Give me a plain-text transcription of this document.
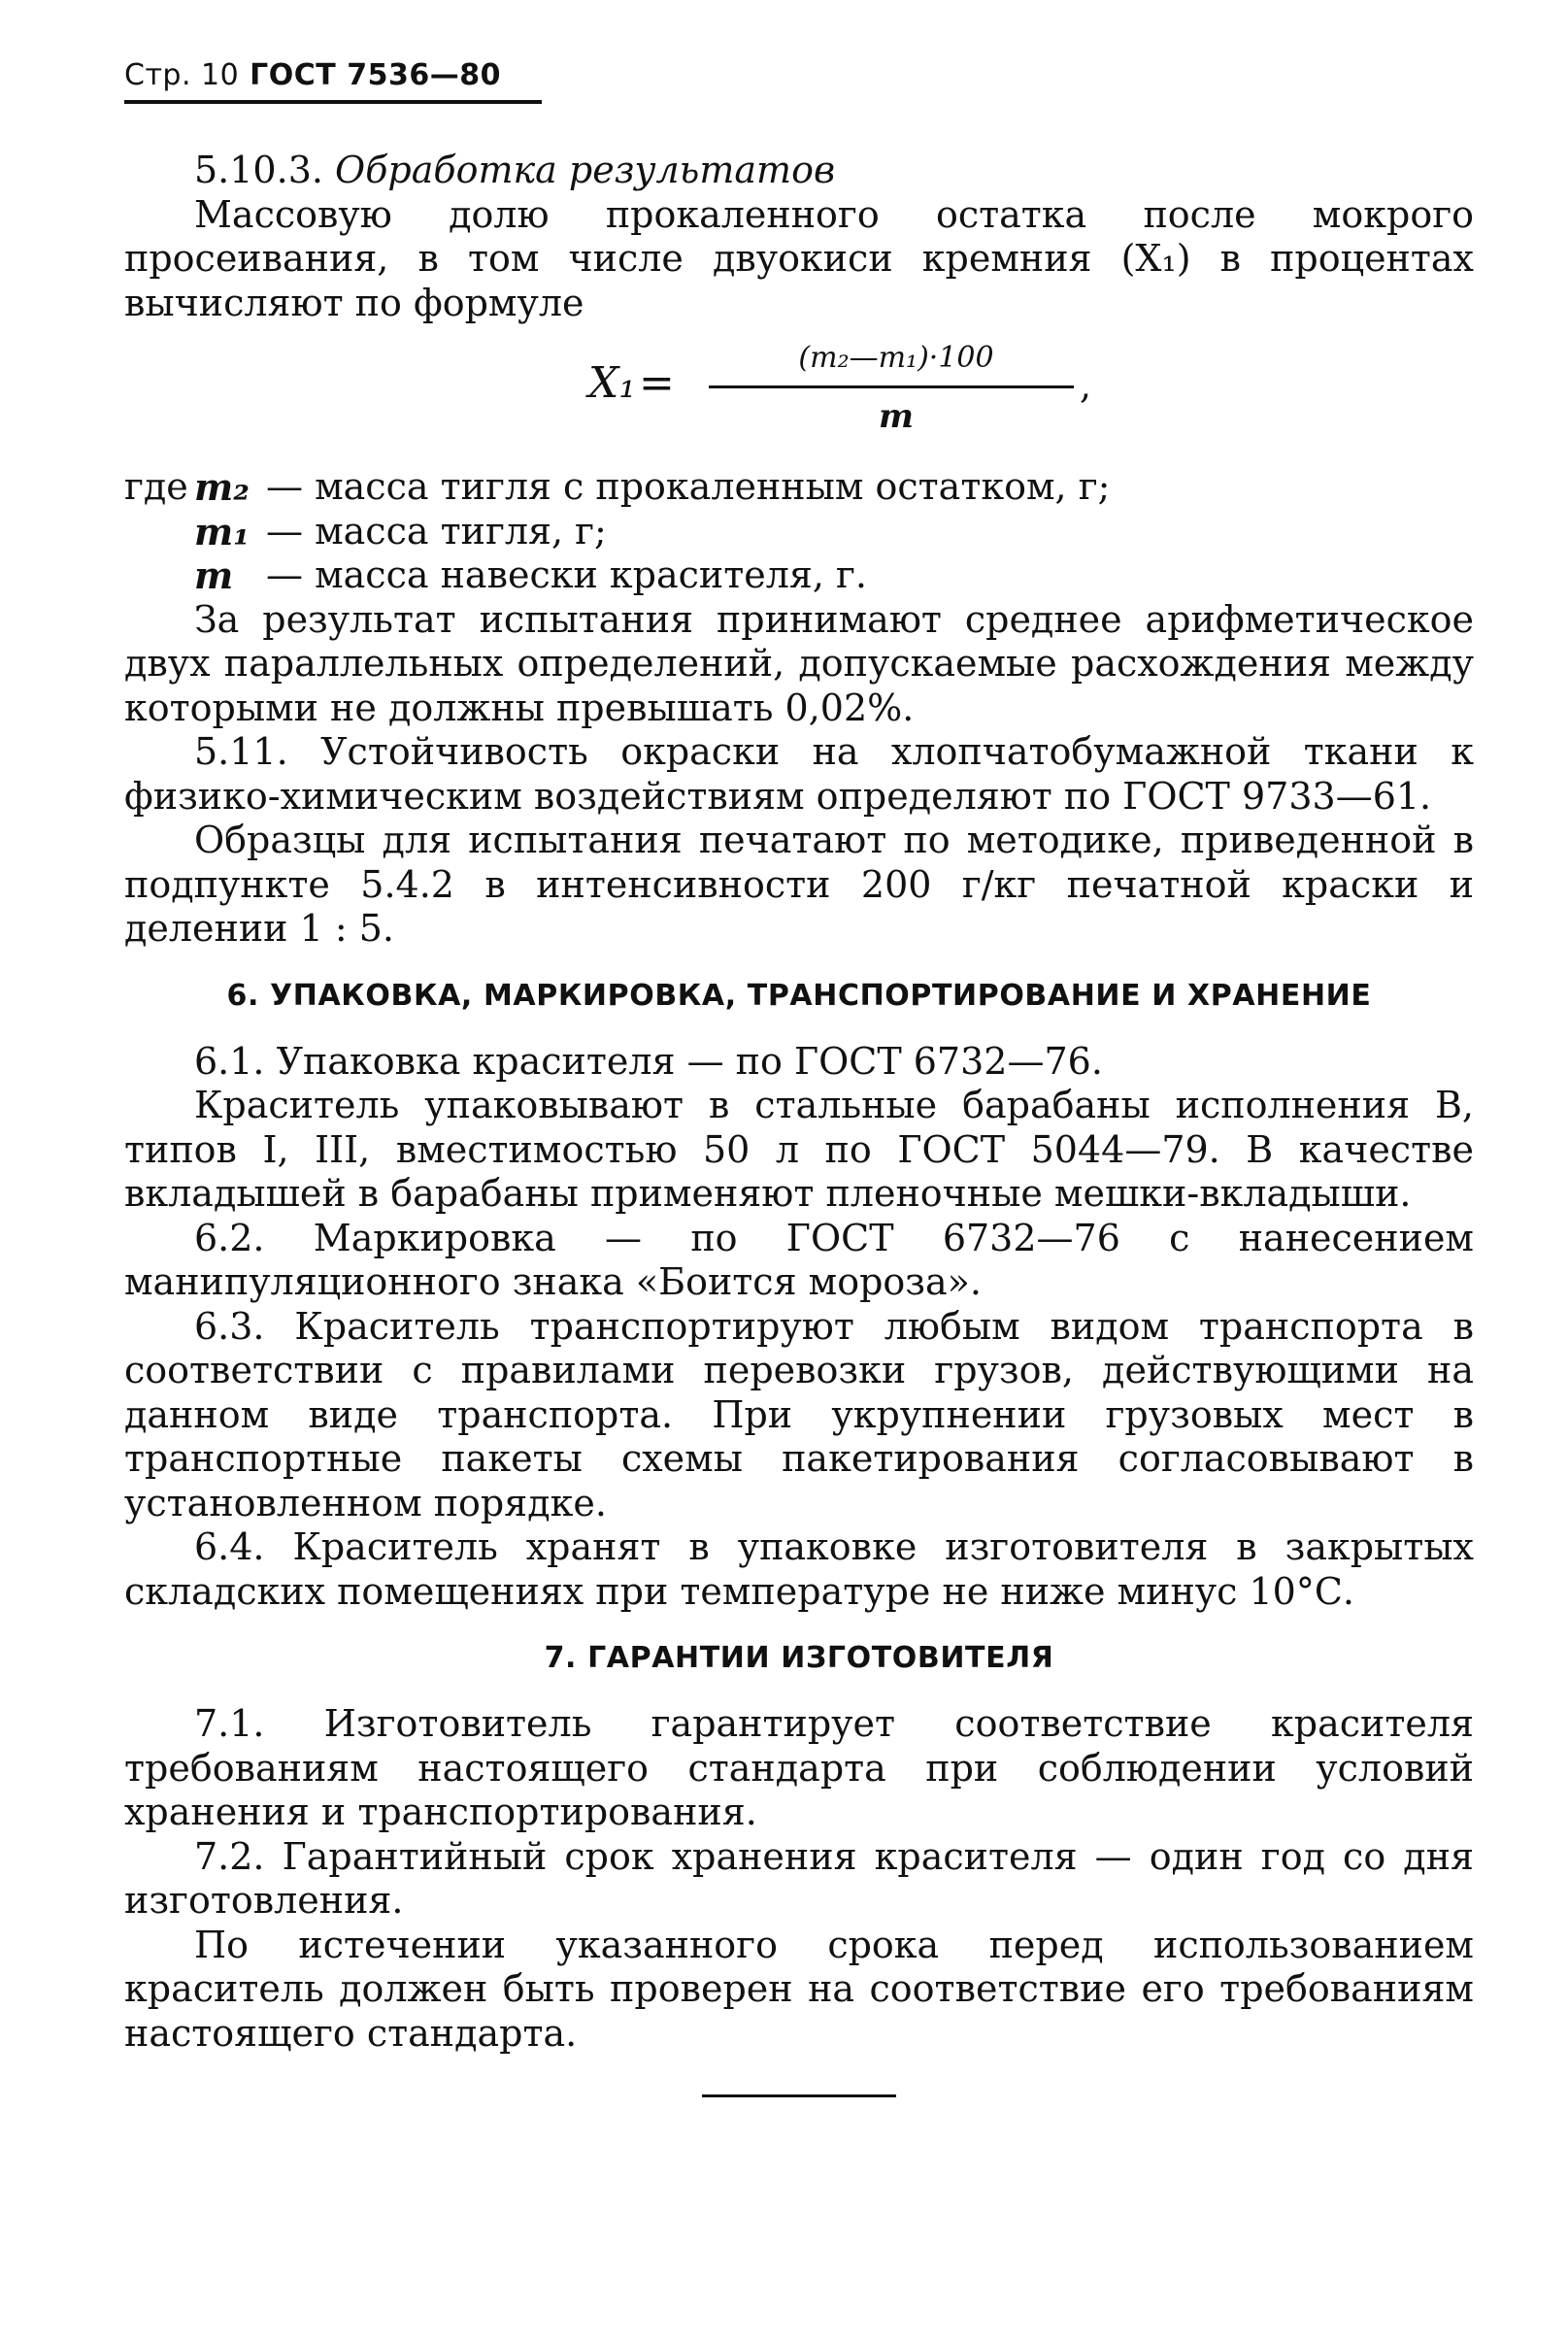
Стр. 10 ГОСТ 7536—80

5.10.3. Обработка результатов

Массовую долю прокаленного остатка после мокрого просеивания, в том числе двуокиси кремния (X₁) в процентах вычисляют по формуле

X₁ =
(m₂—m₁)·100
m
,
где m₂ — масса тигля с прокаленным остатком, г;
m₁ — масса тигля, г;
m — масса навески красителя, г.

За результат испытания принимают среднее арифметическое двух параллельных определений, допускаемые расхождения между которыми не должны превышать 0,02%.

5.11. Устойчивость окраски на хлопчатобумажной ткани к физико-химическим воздействиям определяют по ГОСТ 9733—61.

Образцы для испытания печатают по методике, приведенной в подпункте 5.4.2 в интенсивности 200 г/кг печатной краски и делении 1 : 5.

6. УПАКОВКА, МАРКИРОВКА, ТРАНСПОРТИРОВАНИЕ И ХРАНЕНИЕ

6.1. Упаковка красителя — по ГОСТ 6732—76.

Краситель упаковывают в стальные барабаны исполнения В, типов I, III, вместимостью 50 л по ГОСТ 5044—79. В качестве вкладышей в барабаны применяют пленочные мешки-вкладыши.

6.2. Маркировка — по ГОСТ 6732—76 с нанесением манипуляционного знака «Боится мороза».

6.3. Краситель транспортируют любым видом транспорта в соответствии с правилами перевозки грузов, действующими на данном виде транспорта. При укрупнении грузовых мест в транспортные пакеты схемы пакетирования согласовывают в установленном порядке.

6.4. Краситель хранят в упаковке изготовителя в закрытых складских помещениях при температуре не ниже минус 10°С.

7. ГАРАНТИИ ИЗГОТОВИТЕЛЯ

7.1. Изготовитель гарантирует соответствие красителя требованиям настоящего стандарта при соблюдении условий хранения и транспортирования.

7.2. Гарантийный срок хранения красителя — один год со дня изготовления.

По истечении указанного срока перед использованием краситель должен быть проверен на соответствие его требованиям настоящего стандарта.
